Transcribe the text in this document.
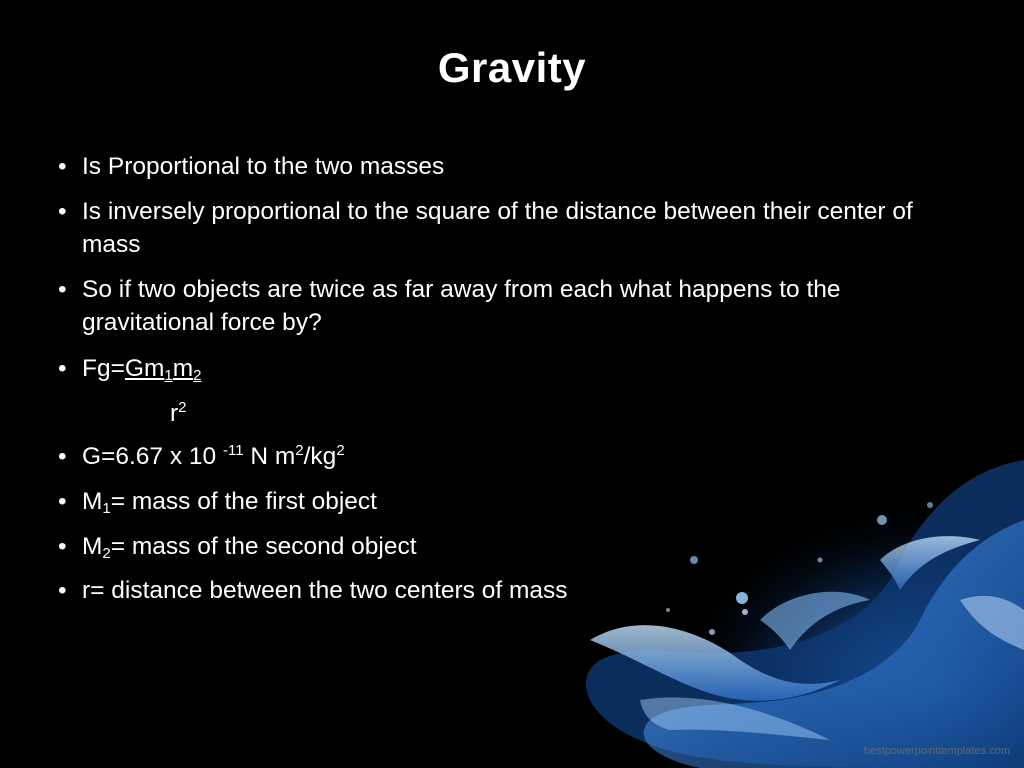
Gravity
• Is Proportional to the two masses
• Is inversely proportional to the square of the distance between their center of mass
• So if two objects are twice as far away from each what happens to the gravitational force by?
• $Fg=Gm_1m_2$
$r^2$
• G=6.67 x 10 $^{-11}$ N $m^2/kg^2$
• $M_1=$ mass of the first object
• $M_2=$ mass of the second object
• r= distance between the two centers of mass
bestpowerpointtemplates.com
